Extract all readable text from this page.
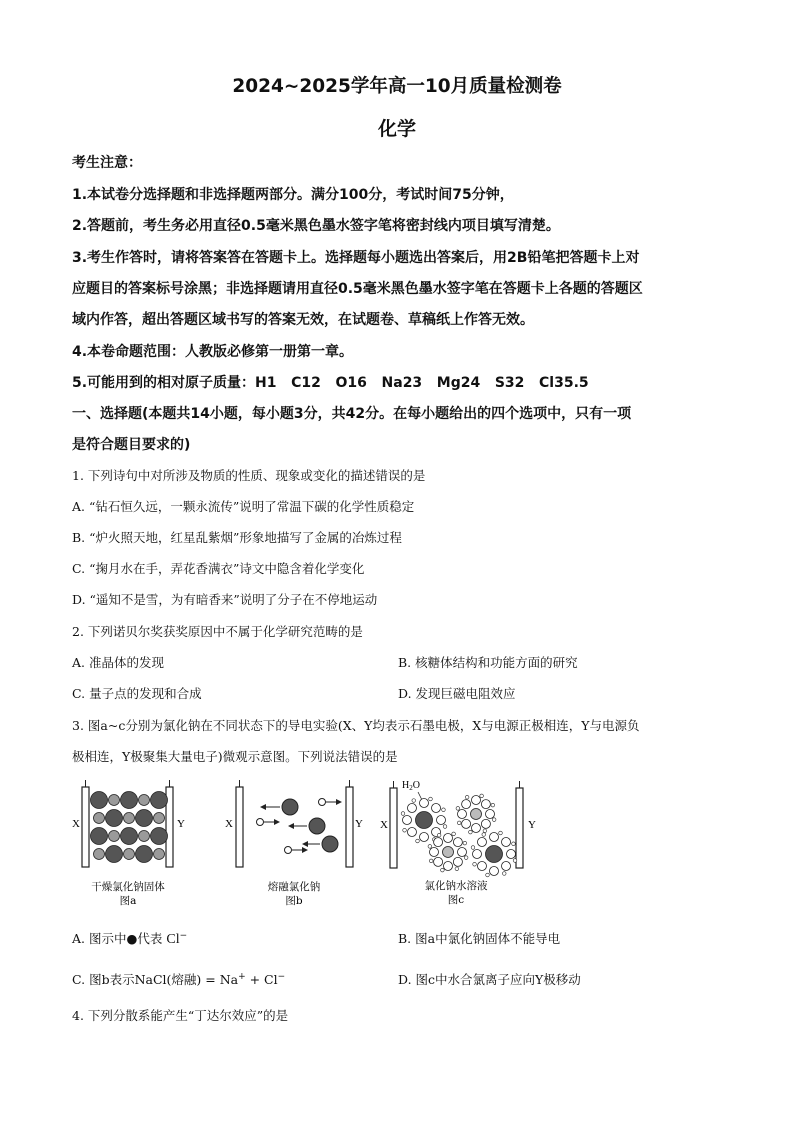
2024~2025学年高一10月质量检测卷
化学
考生注意：
1.本试卷分选择题和非选择题两部分。满分100分，考试时间75分钟，
2.答题前，考生务必用直径0.5毫米黑色墨水签字笔将密封线内项目填写清楚。
3.考生作答时，请将答案答在答题卡上。选择题每小题选出答案后，用2B铅笔把答题卡上对
应题目的答案标号涂黑；非选择题请用直径0.5毫米黑色墨水签字笔在答题卡上各题的答题区
域内作答，超出答题区域书写的答案无效，在试题卷、草稿纸上作答无效。
4.本卷命题范围：人教版必修第一册第一章。
5.可能用到的相对原子质量：H1   C12   O16   Na23   Mg24   S32   Cl35.5
一、选择题(本题共14小题，每小题3分，共42分。在每小题给出的四个选项中，只有一项
是符合题目要求的)
1. 下列诗句中对所涉及物质的性质、现象或变化的描述错误的是
A. “钻石恒久远，一颗永流传”说明了常温下碳的化学性质稳定
B. “炉火照天地，红星乱紫烟”形象地描写了金属的冶炼过程
C. “掬月水在手，弄花香满衣”诗文中隐含着化学变化
D. “遥知不是雪，为有暗香来”说明了分子在不停地运动
2. 下列诺贝尔奖获奖原因中不属于化学研究范畴的是
A. 准晶体的发现	B. 核糖体结构和功能方面的研究
C. 量子点的发现和合成	D. 发现巨磁电阻效应
3. 图a~c分别为氯化钠在不同状态下的导电实验(X、Y均表示石墨电极，X与电源正极相连，Y与电源负
极相连，Y极聚集大量电子)微观示意图。下列说法错误的是
X	Y
干燥氯化钠固体
图a
X	Y
熔融氯化钠
图b
X	Y
$H_2O$
氯化钠水溶液
图c
A. 图示中●代表 Cl−	B. 图a中氯化钠固体不能导电
C. 图b表示NaCl(熔融) = Na+ + Cl−	D. 图c中水合氯离子应向Y极移动
4. 下列分散系能产生“丁达尔效应”的是
